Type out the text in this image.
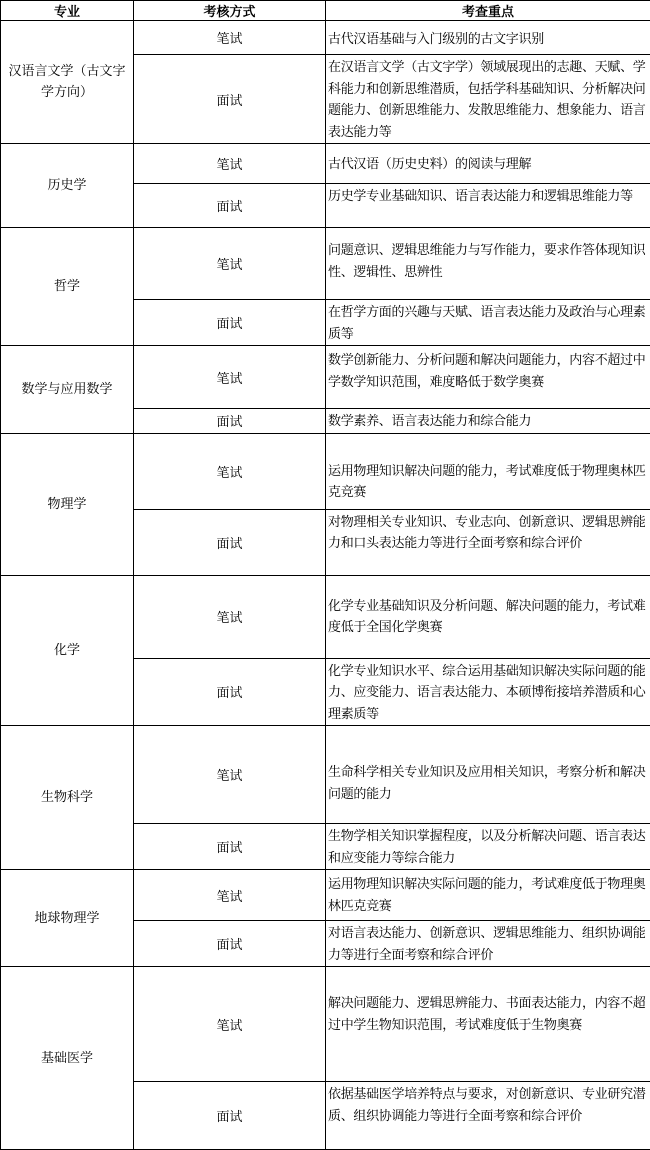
专业	考核方式	考查重点
汉语言文学（古文字学方向）	笔试	古代汉语基础与入门级别的古文字识别
	面试	在汉语言文学（古文字学）领域展现出的志趣、天赋、学科能力和创新思维潜质，包括学科基础知识、分析解决问题能力、创新思维能力、发散思维能力、想象能力、语言表达能力等
历史学	笔试	古代汉语（历史史料）的阅读与理解
	面试	历史学专业基础知识、语言表达能力和逻辑思维能力等
哲学	笔试	问题意识、逻辑思维能力与写作能力，要求作答体现知识性、逻辑性、思辨性
	面试	在哲学方面的兴趣与天赋、语言表达能力及政治与心理素质等
数学与应用数学	笔试	数学创新能力、分析问题和解决问题能力，内容不超过中学数学知识范围，难度略低于数学奥赛
	面试	数学素养、语言表达能力和综合能力
物理学	笔试	运用物理知识解决问题的能力，考试难度低于物理奥林匹克竞赛
	面试	对物理相关专业知识、专业志向、创新意识、逻辑思辨能力和口头表达能力等进行全面考察和综合评价
化学	笔试	化学专业基础知识及分析问题、解决问题的能力，考试难度低于全国化学奥赛
	面试	化学专业知识水平、综合运用基础知识解决实际问题的能力、应变能力、语言表达能力、本硕博衔接培养潜质和心理素质等
生物科学	笔试	生命科学相关专业知识及应用相关知识，考察分析和解决问题的能力
	面试	生物学相关知识掌握程度，以及分析解决问题、语言表达和应变能力等综合能力
地球物理学	笔试	运用物理知识解决实际问题的能力，考试难度低于物理奥林匹克竞赛
	面试	对语言表达能力、创新意识、逻辑思维能力、组织协调能力等进行全面考察和综合评价
基础医学	笔试	解决问题能力、逻辑思辨能力、书面表达能力，内容不超过中学生物知识范围，考试难度低于生物奥赛
	面试	依据基础医学培养特点与要求，对创新意识、专业研究潜质、组织协调能力等进行全面考察和综合评价
